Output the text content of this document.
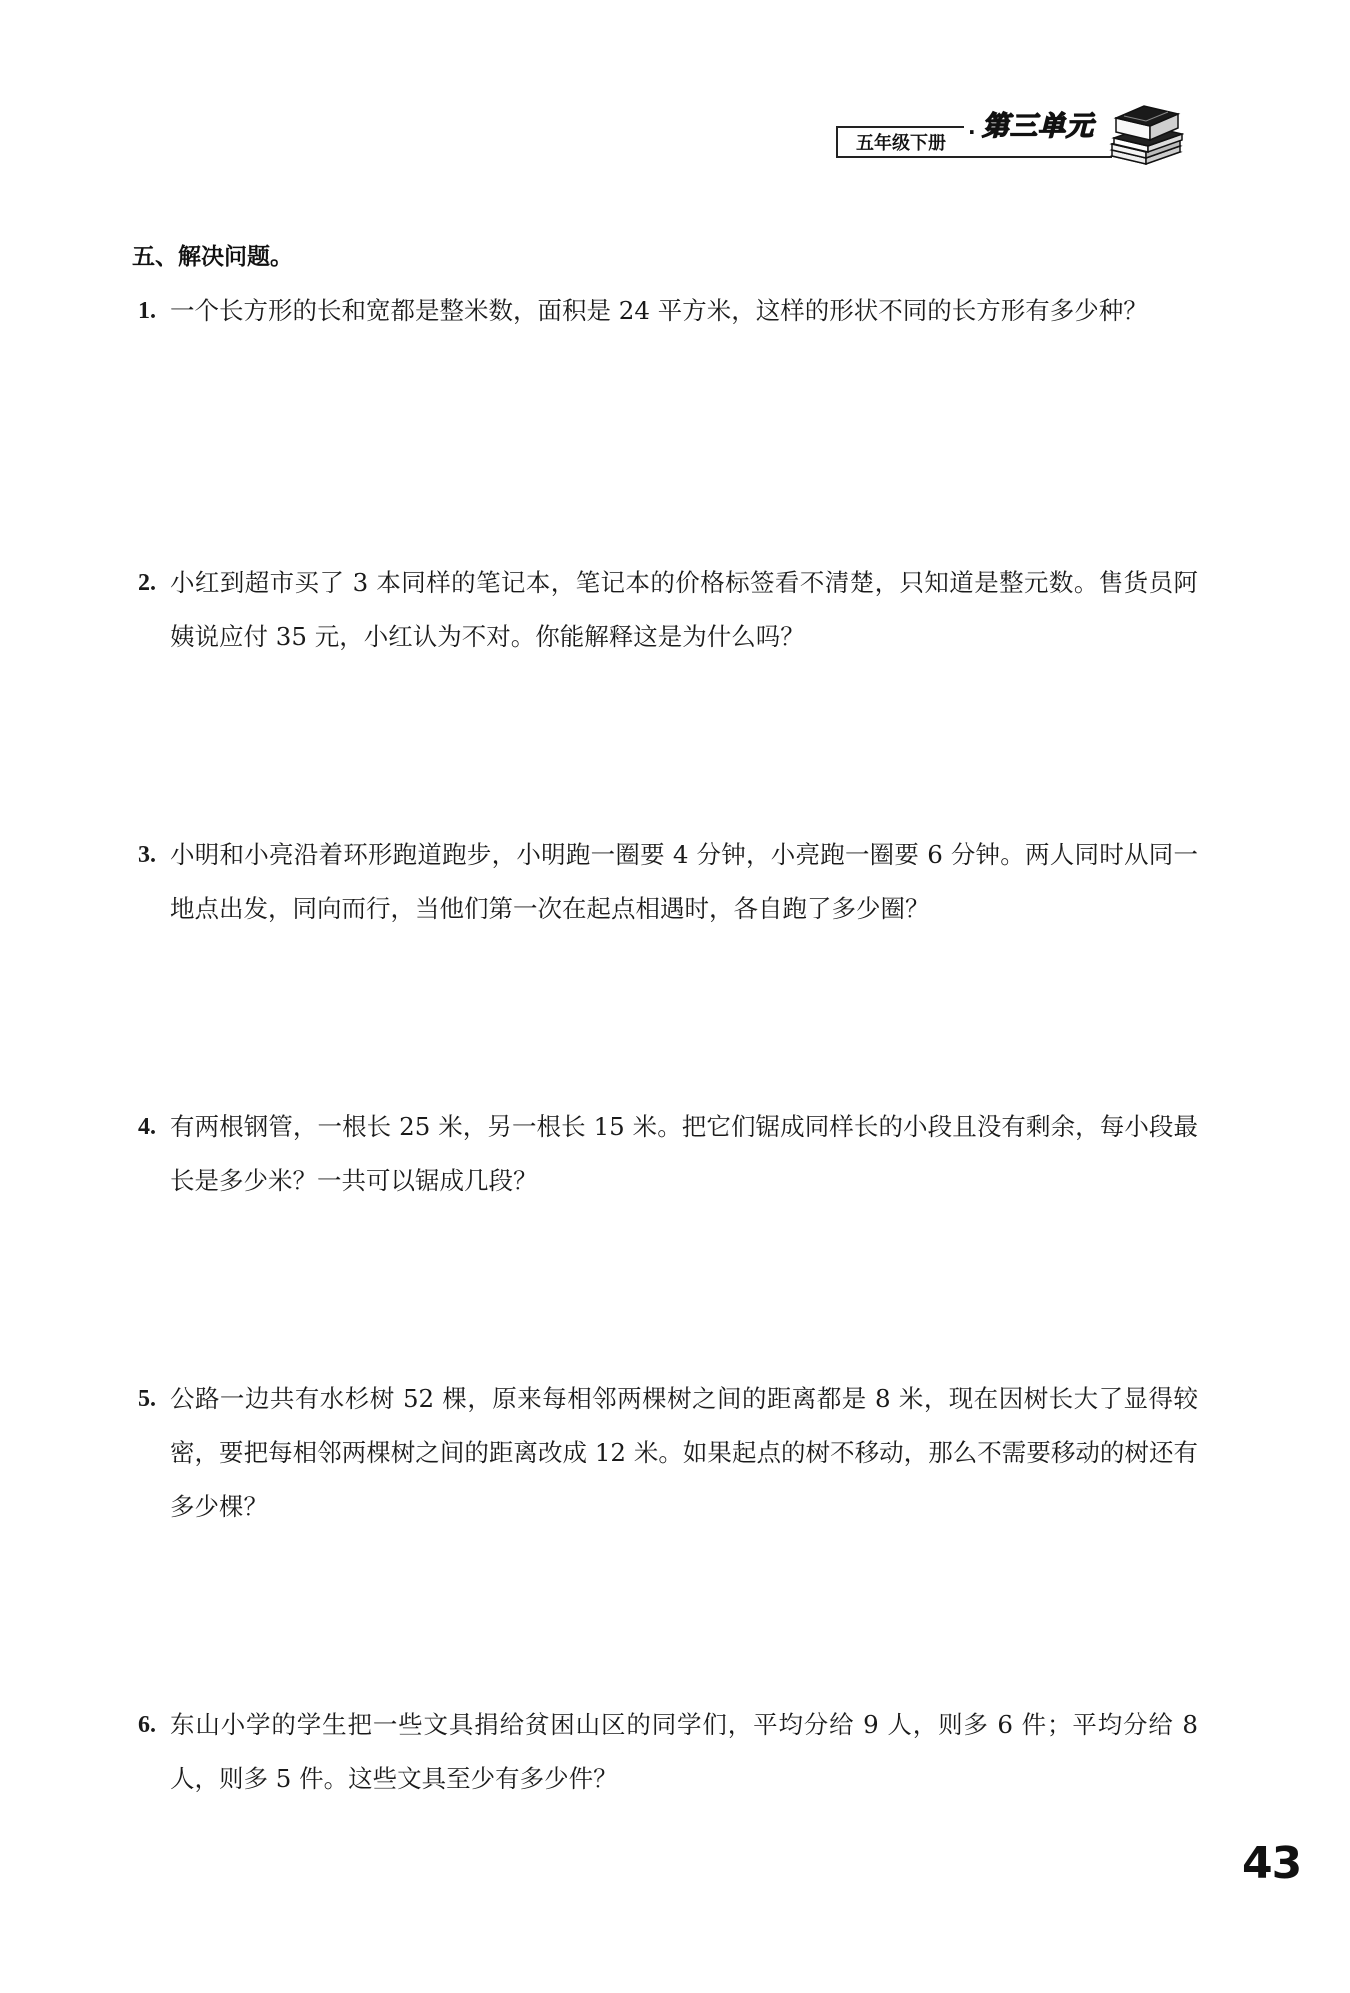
五年级下册	· 第三单元
五、解决问题。
1. 一个长方形的长和宽都是整米数，面积是 24 平方米，这样的形状不同的长方形有多少种？
2. 小红到超市买了 3 本同样的笔记本，笔记本的价格标签看不清楚，只知道是整元数。售货员阿姨说应付 35 元，小红认为不对。你能解释这是为什么吗？
3. 小明和小亮沿着环形跑道跑步，小明跑一圈要 4 分钟，小亮跑一圈要 6 分钟。两人同时从同一地点出发，同向而行，当他们第一次在起点相遇时，各自跑了多少圈？
4. 有两根钢管，一根长 25 米，另一根长 15 米。把它们锯成同样长的小段且没有剩余，每小段最长是多少米？一共可以锯成几段？
5. 公路一边共有水杉树 52 棵，原来每相邻两棵树之间的距离都是 8 米，现在因树长大了显得较密，要把每相邻两棵树之间的距离改成 12 米。如果起点的树不移动，那么不需要移动的树还有多少棵？
6. 东山小学的学生把一些文具捐给贫困山区的同学们，平均分给 9 人，则多 6 件；平均分给 8 人，则多 5 件。这些文具至少有多少件？
43
